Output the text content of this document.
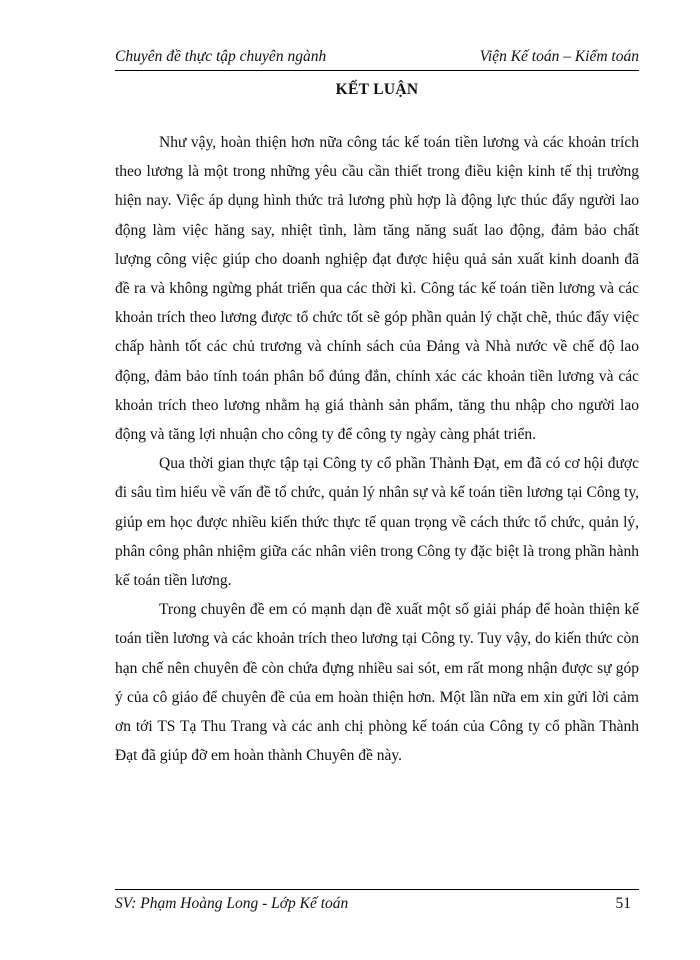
Chuyên đề thực tập chuyên ngành	Viện Kế toán – Kiểm toán
KẾT LUẬN

Như vậy, hoàn thiện hơn nữa công tác kế toán tiền lương và các khoản trích theo lương là một trong những yêu cầu cần thiết trong điều kiện kinh tế thị trường hiện nay. Việc áp dụng hình thức trả lương phù hợp là động lực thúc đẩy người lao động làm việc hăng say, nhiệt tình, làm tăng năng suất lao động, đảm bảo chất lượng công việc giúp cho doanh nghiệp đạt được hiệu quả sản xuất kinh doanh đã đề ra và không ngừng phát triển qua các thời kì. Công tác kế toán tiền lương và các khoản trích theo lương được tổ chức tốt sẽ góp phần quản lý chặt chẽ, thúc đẩy việc chấp hành tốt các chủ trương và chính sách của Đảng và Nhà nước về chế độ lao động, đảm bảo tính toán phân bổ đúng đắn, chính xác các khoản tiền lương và các khoản trích theo lương nhằm hạ giá thành sản phẩm, tăng thu nhập cho người lao động và tăng lợi nhuận cho công ty để công ty ngày càng phát triển.

Qua thời gian thực tập tại Công ty cổ phần Thành Đạt, em đã có cơ hội được đi sâu tìm hiểu về vấn đề tổ chức, quản lý nhân sự và kế toán tiền lương tại Công ty, giúp em học được nhiều kiến thức thực tế quan trọng về cách thức tổ chức, quản lý, phân công phân nhiệm giữa các nhân viên trong Công ty đặc biệt là trong phần hành kế toán tiền lương.

Trong chuyên đề em có mạnh dạn đề xuất một số giải pháp để hoàn thiện kế toán tiền lương và các khoản trích theo lương tại Công ty. Tuy vậy, do kiến thức còn hạn chế nên chuyên đề còn chứa đựng nhiều sai sót, em rất mong nhận được sự góp ý của cô giáo để chuyên đề của em hoàn thiện hơn. Một lần nữa em xin gửi lời cảm ơn tới TS Tạ Thu Trang và các anh chị phòng kế toán của Công ty cổ phần Thành Đạt đã giúp đỡ em hoàn thành Chuyên đề này.

SV: Phạm Hoàng Long - Lớp Kế toán	51
